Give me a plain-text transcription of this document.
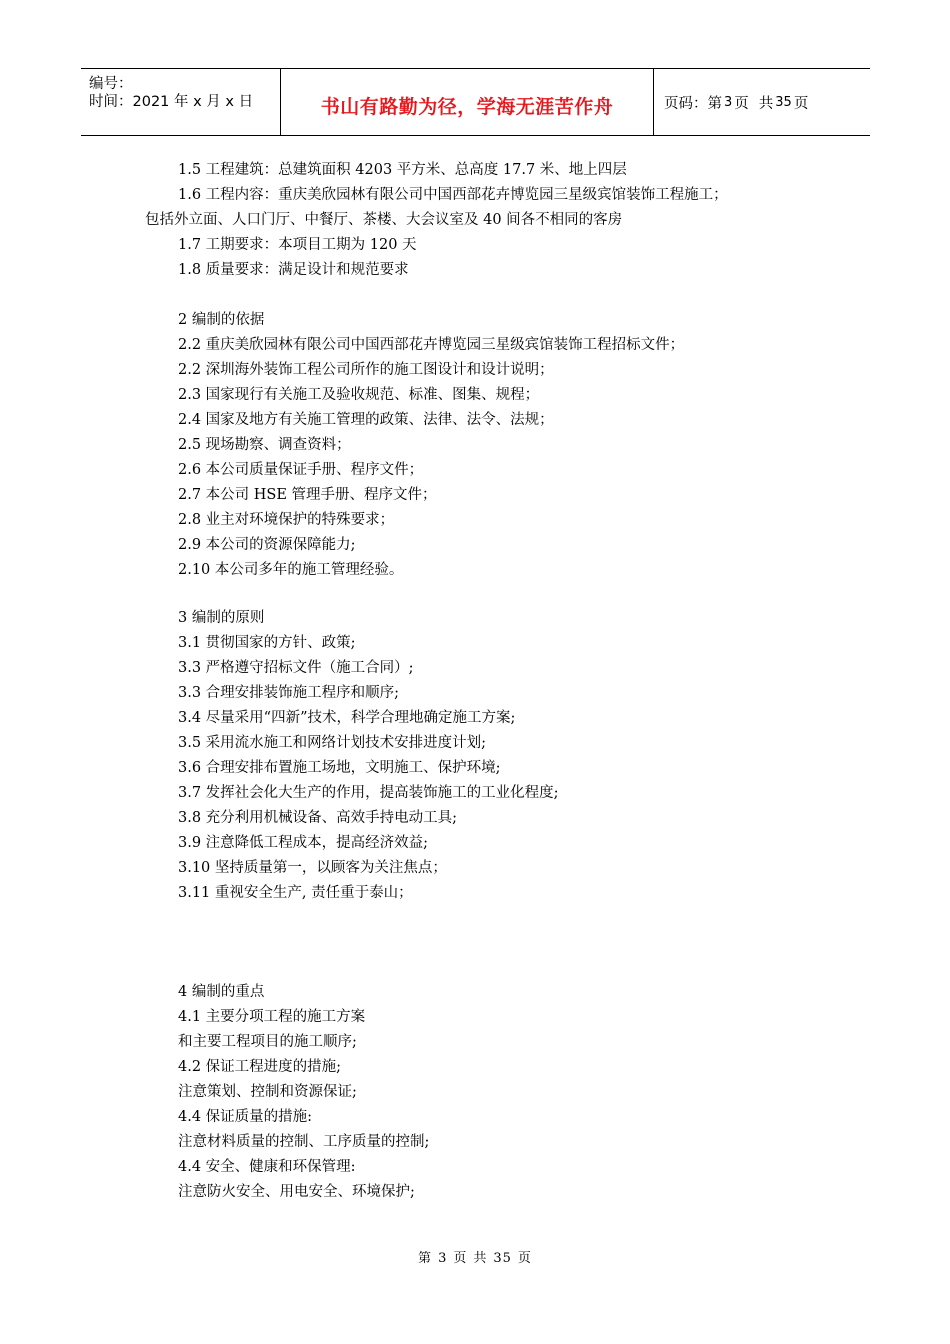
编号：
时间：2021 年 x 月 x 日	书山有路勤为径，学海无涯苦作舟	页码：第 3 页 共 35 页
1.5 工程建筑：总建筑面积 4203 平方米、总高度 17.7 米、地上四层
1.6 工程内容：重庆美欣园林有限公司中国西部花卉博览园三星级宾馆装饰工程施工；
包括外立面、人口门厅、中餐厅、茶楼、大会议室及 40 间各不相同的客房
1.7 工期要求：本项目工期为 120 天
1.8 质量要求：满足设计和规范要求
2 编制的依据
2.2 重庆美欣园林有限公司中国西部花卉博览园三星级宾馆装饰工程招标文件；
2.2 深圳海外装饰工程公司所作的施工图设计和设计说明；
2.3 国家现行有关施工及验收规范、标准、图集、规程；
2.4 国家及地方有关施工管理的政策、法律、法令、法规；
2.5 现场勘察、调查资料；
2.6 本公司质量保证手册、程序文件；
2.7 本公司 HSE 管理手册、程序文件；
2.8 业主对环境保护的特殊要求；
2.9 本公司的资源保障能力;
2.10 本公司多年的施工管理经验。
3 编制的原则
3.1 贯彻国家的方针、政策;
3.3 严格遵守招标文件（施工合同）;
3.3 合理安排装饰施工程序和顺序;
3.4 尽量采用“四新”技术，科学合理地确定施工方案;
3.5 采用流水施工和网络计划技术安排进度计划;
3.6 合理安排布置施工场地，文明施工、保护环境;
3.7 发挥社会化大生产的作用，提高装饰施工的工业化程度;
3.8 充分利用机械设备、高效手持电动工具;
3.9 注意降低工程成本，提高经济效益;
3.10 坚持质量第一，以顾客为关注焦点；
3.11 重视安全生产, 责任重于泰山；
4 编制的重点
4.1 主要分项工程的施工方案
和主要工程项目的施工顺序;
4.2 保证工程进度的措施;
注意策划、控制和资源保证;
4.4 保证质量的措施:
注意材料质量的控制、工序质量的控制;
4.4 安全、健康和环保管理:
注意防火安全、用电安全、环境保护;
第 3 页 共 35 页
